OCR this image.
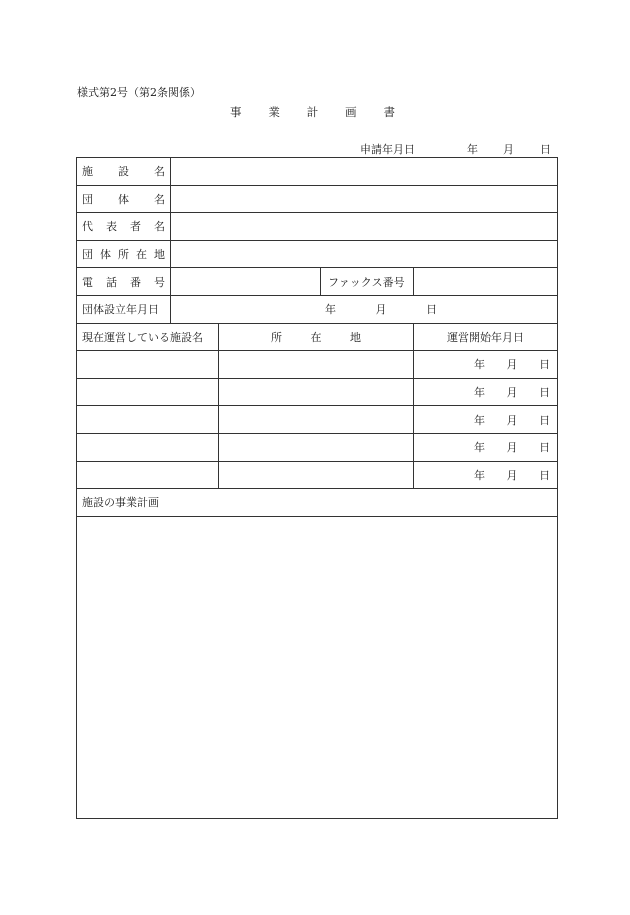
様式第2号（第2条関係）
事 業 計 画 書
申請年月日	年 月 日
施 設 名				

団 体 名				

代 表 者 名				

団 体 所 在 地				

電 話 番 号			ファックス番号	

団体設立年月日	年 月 日			

現在運営している施設名		所 在 地		運営開始年月日

				年 月 日

				年 月 日

				年 月 日

				年 月 日

				年 月 日

施設の事業計画				
